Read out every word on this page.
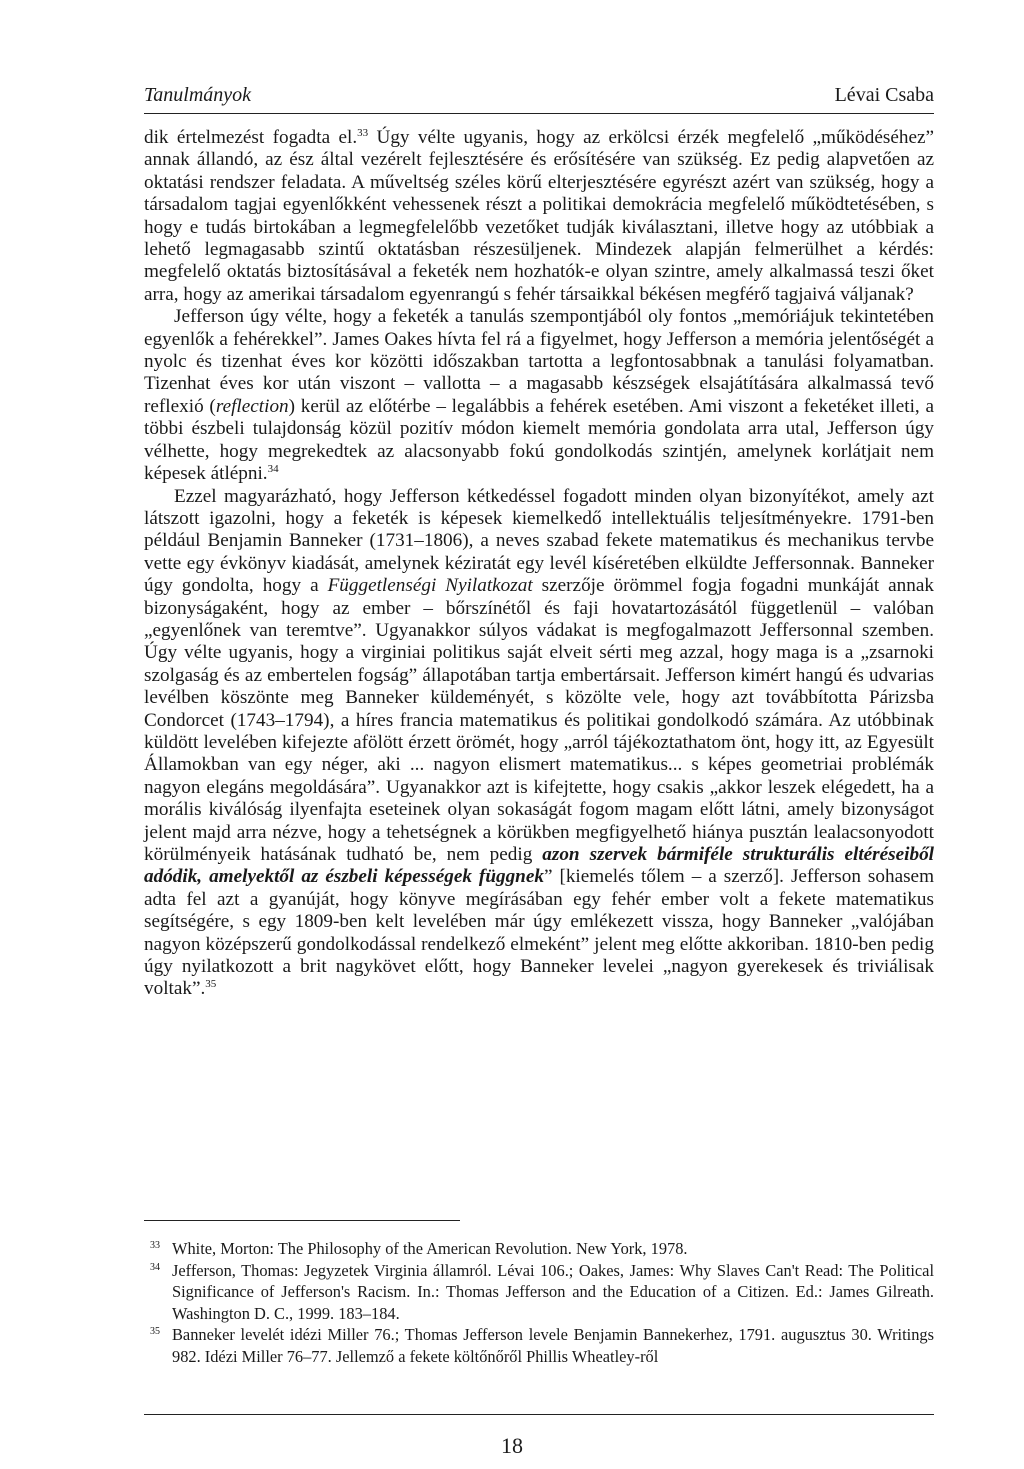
Tanulmányok	Lévai Csaba

dik értelmezést fogadta el.$^{33}$ Úgy vélte ugyanis, hogy az erkölcsi érzék megfelelő „működéséhez” annak állandó, az ész által vezérelt fejlesztésére és erősítésére van szükség. Ez pedig alapvetően az oktatási rendszer feladata. A műveltség széles körű elterjesztésére egyrészt azért van szükség, hogy a társadalom tagjai egyenlőkként vehessenek részt a politikai demokrácia megfelelő működtetésében, s hogy e tudás birtokában a legmegfelelőbb vezetőket tudják kiválasztani, illetve hogy az utóbbiak a lehető legmagasabb szintű oktatásban részesüljenek. Mindezek alapján felmerülhet a kérdés: megfelelő oktatás biztosításával a feketék nem hozhatók-e olyan szintre, amely alkalmassá teszi őket arra, hogy az amerikai társadalom egyenrangú s fehér társaikkal békésen megférő tagjaivá váljanak?

Jefferson úgy vélte, hogy a feketék a tanulás szempontjából oly fontos „memóriájuk tekintetében egyenlők a fehérekkel”. James Oakes hívta fel rá a figyelmet, hogy Jefferson a memória jelentőségét a nyolc és tizenhat éves kor közötti időszakban tartotta a legfontosabbnak a tanulási folyamatban. Tizenhat éves kor után viszont – vallotta – a magasabb készségek elsajátítására alkalmassá tevő reflexió (reflection) kerül az előtérbe – legalábbis a fehérek esetében. Ami viszont a feketéket illeti, a többi észbeli tulajdonság közül pozitív módon kiemelt memória gondolata arra utal, Jefferson úgy vélhette, hogy megrekedtek az alacsonyabb fokú gondolkodás szintjén, amelynek korlátjait nem képesek átlépni.$^{34}$

Ezzel magyarázható, hogy Jefferson kétkedéssel fogadott minden olyan bizonyítékot, amely azt látszott igazolni, hogy a feketék is képesek kiemelkedő intellektuális teljesítményekre. 1791-ben például Benjamin Banneker (1731–1806), a neves szabad fekete matematikus és mechanikus tervbe vette egy évkönyv kiadását, amelynek kéziratát egy levél kíséretében elküldte Jeffersonnak. Banneker úgy gondolta, hogy a Függetlenségi Nyilatkozat szerzője örömmel fogja fogadni munkáját annak bizonyságaként, hogy az ember – bőrszínétől és faji hovatartozásától függetlenül – valóban „egyenlőnek van teremtve”. Ugyanakkor súlyos vádakat is megfogalmazott Jeffersonnal szemben. Úgy vélte ugyanis, hogy a virginiai politikus saját elveit sérti meg azzal, hogy maga is a „zsarnoki szolgaság és az embertelen fogság” állapotában tartja embertársait. Jefferson kimért hangú és udvarias levélben köszönte meg Banneker küldeményét, s közölte vele, hogy azt továbbította Párizsba Condorcet (1743–1794), a híres francia matematikus és politikai gondolkodó számára. Az utóbbinak küldött levelében kifejezte afölött érzett örömét, hogy „arról tájékoztathatom önt, hogy itt, az Egyesült Államokban van egy néger, aki ... nagyon elismert matematikus... s képes geometriai problémák nagyon elegáns megoldására”. Ugyanakkor azt is kifejtette, hogy csakis „akkor leszek elégedett, ha a morális kiválóság ilyenfajta eseteinek olyan sokaságát fogom magam előtt látni, amely bizonyságot jelent majd arra nézve, hogy a tehetségnek a körükben megfigyelhető hiánya pusztán lealacsonyodott körülményeik hatásának tudható be, nem pedig azon szervek bármiféle strukturális eltéréseiből adódik, amelyektől az észbeli képességek függnek” [kiemelés tőlem – a szerző]. Jefferson sohasem adta fel azt a gyanúját, hogy könyve megírásában egy fehér ember volt a fekete matematikus segítségére, s egy 1809-ben kelt levelében már úgy emlékezett vissza, hogy Banneker „valójában nagyon középszerű gondolkodással rendelkező elmeként” jelent meg előtte akkoriban. 1810-ben pedig úgy nyilatkozott a brit nagykövet előtt, hogy Banneker levelei „nagyon gyerekesek és triviálisak voltak”.$^{35}$

$^{33}$ White, Morton: The Philosophy of the American Revolution. New York, 1978.
$^{34}$ Jefferson, Thomas: Jegyzetek Virginia államról. Lévai 106.; Oakes, James: Why Slaves Can't Read: The Political Significance of Jefferson's Racism. In.: Thomas Jefferson and the Education of a Citizen. Ed.: James Gilreath. Washington D. C., 1999. 183–184.
$^{35}$ Banneker levelét idézi Miller 76.; Thomas Jefferson levele Benjamin Bannekerhez, 1791. augusztus 30. Writings 982. Idézi Miller 76–77. Jellemző a fekete költőnőről Phillis Wheatley-ről
18
